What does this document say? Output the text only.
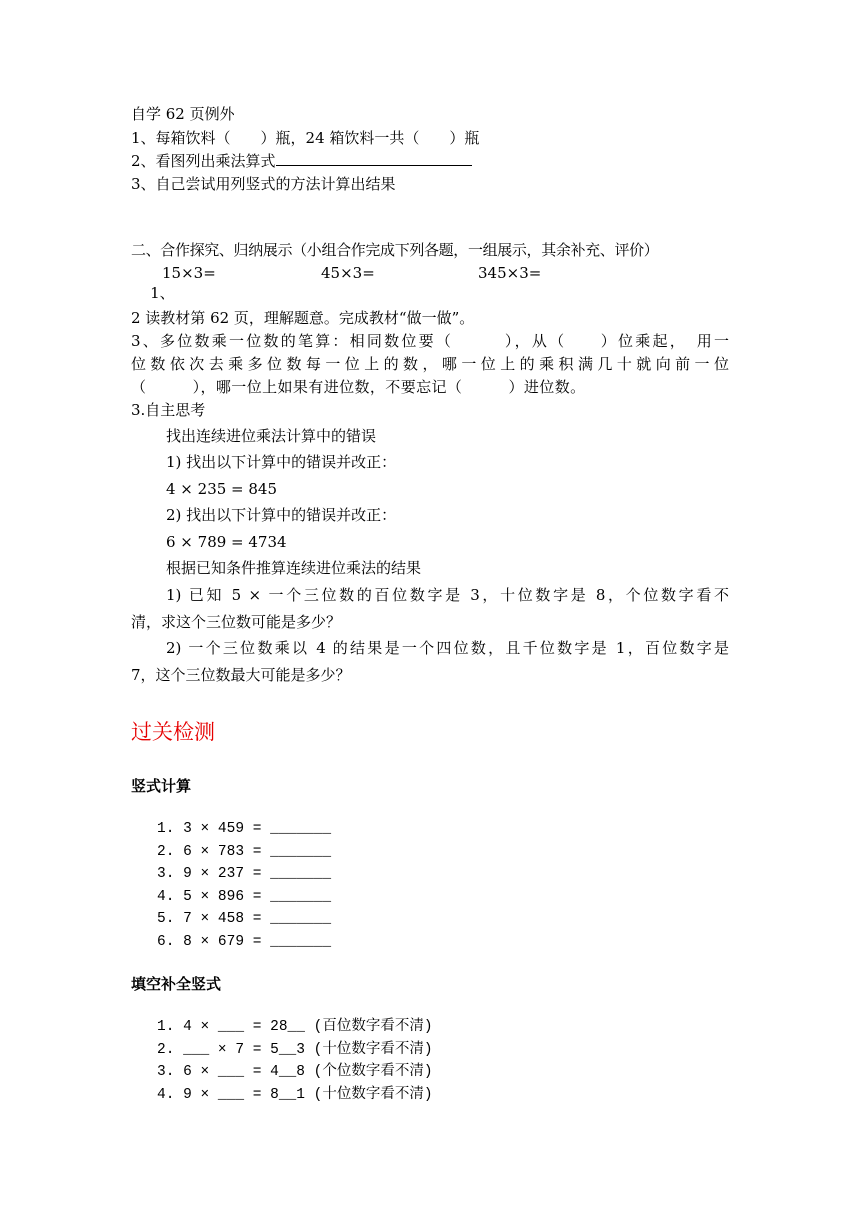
自学 62 页例外
1、每箱饮料（　　）瓶，24 箱饮料一共（　　）瓶
2、看图列出乘法算式
3、自己尝试用列竖式的方法计算出结果
二、合作探究、归纳展示（小组合作完成下列各题，一组展示，其余补充、评价）

1、

15×3=	45×3=	345×3=
2 读教材第 62 页，理解题意。完成教材“做一做”。
3、多位数乘一位数的笔算：相同数位要（　　　），从（　　）位乘起，　用一
位数依次去乘多位数每一位上的数，哪一位上的乘积满几十就向前一位
（　　　），哪一位上如果有进位数，不要忘记（　　　）进位数。
3.自主思考
找出连续进位乘法计算中的错误
1) 找出以下计算中的错误并改正：
4 × 235 = 845
2) 找出以下计算中的错误并改正：
6 × 789 = 4734
根据已知条件推算连续进位乘法的结果
1) 已知 5 × 一个三位数的百位数字是 3，十位数字是 8，个位数字看不
清，求这个三位数可能是多少？
2) 一个三位数乘以 4 的结果是一个四位数，且千位数字是 1，百位数字是
7，这个三位数最大可能是多少？
过关检测
竖式计算
1. 3 × 459 = _______
2. 6 × 783 = _______
3. 9 × 237 = _______
4. 5 × 896 = _______
5. 7 × 458 = _______
6. 8 × 679 = _______
填空补全竖式
1. 4 × ___ = 28__ (百位数字看不清)
2. ___ × 7 = 5__3 (十位数字看不清)
3. 6 × ___ = 4__8 (个位数字看不清)
4. 9 × ___ = 8__1 (十位数字看不清)
